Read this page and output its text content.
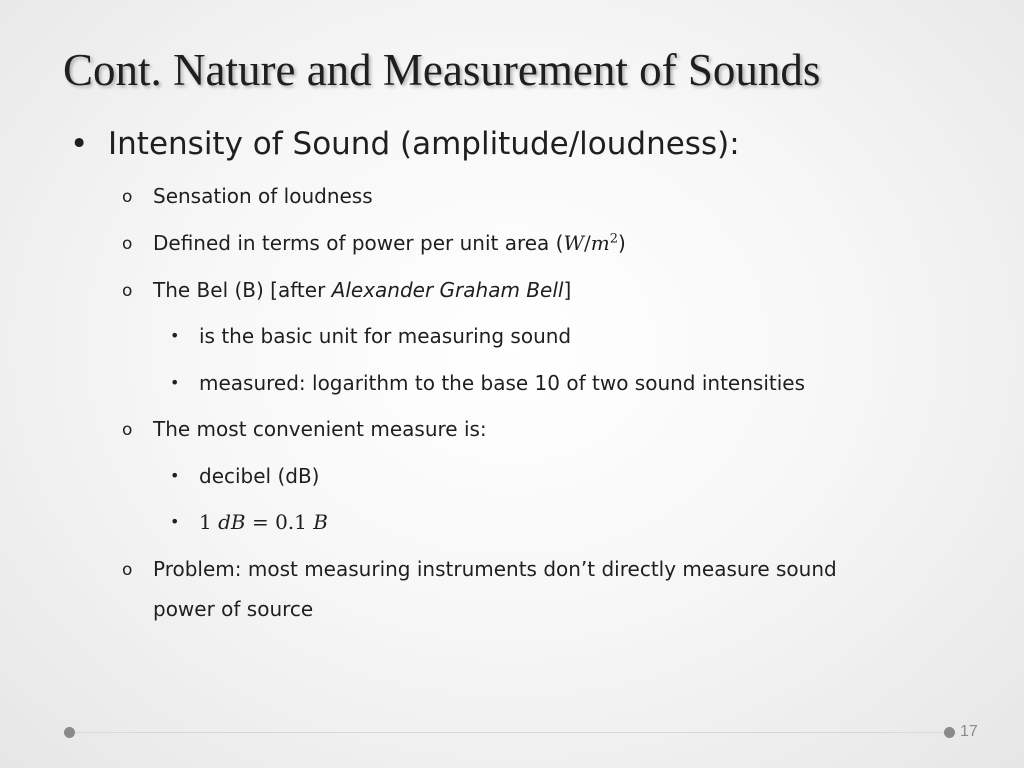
Cont. Nature and Measurement of Sounds
• Intensity of Sound (amplitude/loudness):
o Sensation of loudness
o Defined in terms of power per unit area $(W/m^2)$
o The Bel (B) [after Alexander Graham Bell]
• is the basic unit for measuring sound
• measured: logarithm to the base 10 of two sound intensities
o The most convenient measure is:
• decibel (dB)
• 1 dB = 0.1 B
o Problem: most measuring instruments don’t directly measure sound
power of source
17
